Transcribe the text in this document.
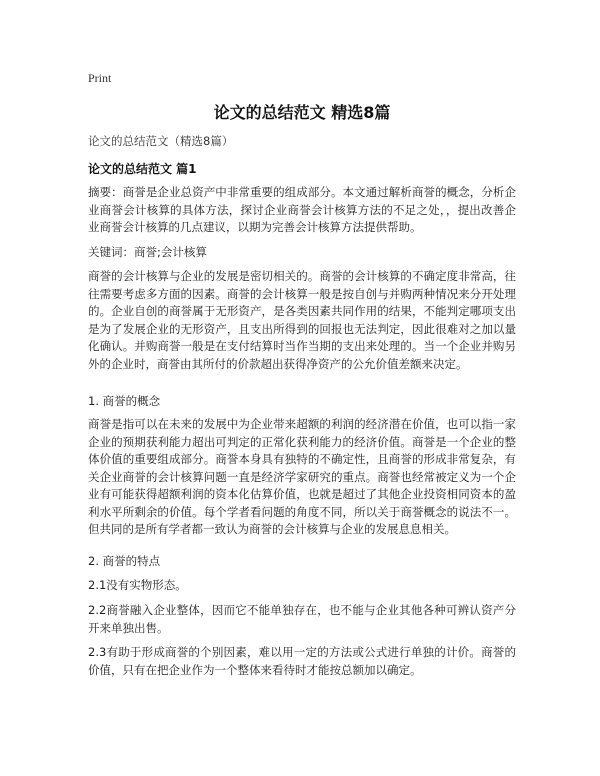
Print
论文的总结范文 精选8篇
论文的总结范文（精选8篇）
论文的总结范文 篇1
摘要：商誉是企业总资产中非常重要的组成部分。本文通过解析商誉的概念，分析企业商誉会计核算的具体方法，探讨企业商誉会计核算方法的不足之处，，提出改善企业商誉会计核算的几点建议，以期为完善会计核算方法提供帮助。
关键词：商誉;会计核算
商誉的会计核算与企业的发展是密切相关的。商誉的会计核算的不确定度非常高，往往需要考虑多方面的因素。商誉的会计核算一般是按自创与并购两种情况来分开处理的。企业自创的商誉属于无形资产，是各类因素共同作用的结果，不能判定哪项支出是为了发展企业的无形资产，且支出所得到的回报也无法判定，因此很难对之加以量化确认。并购商誉一般是在支付结算时当作当期的支出来处理的。当一个企业并购另外的企业时，商誉由其所付的价款超出获得净资产的公允价值差额来决定。
1. 商誉的概念
商誉是指可以在未来的发展中为企业带来超额的利润的经济潜在价值，也可以指一家企业的预期获利能力超出可判定的正常化获利能力的经济价值。商誉是一个企业的整体价值的重要组成部分。商誉本身具有独特的不确定性，且商誉的形成非常复杂，有关企业商誉的会计核算问题一直是经济学家研究的重点。商誉也经常被定义为一个企业有可能获得超额利润的资本化估算价值，也就是超过了其他企业投资相同资本的盈利水平所剩余的价值。每个学者看问题的角度不同，所以关于商誉概念的说法不一。但共同的是所有学者都一致认为商誉的会计核算与企业的发展息息相关。
2. 商誉的特点
2.1没有实物形态。
2.2商誉融入企业整体，因而它不能单独存在，也不能与企业其他各种可辨认资产分开来单独出售。
2.3有助于形成商誉的个别因素，难以用一定的方法或公式进行单独的计价。商誉的价值，只有在把企业作为一个整体来看待时才能按总额加以确定。
